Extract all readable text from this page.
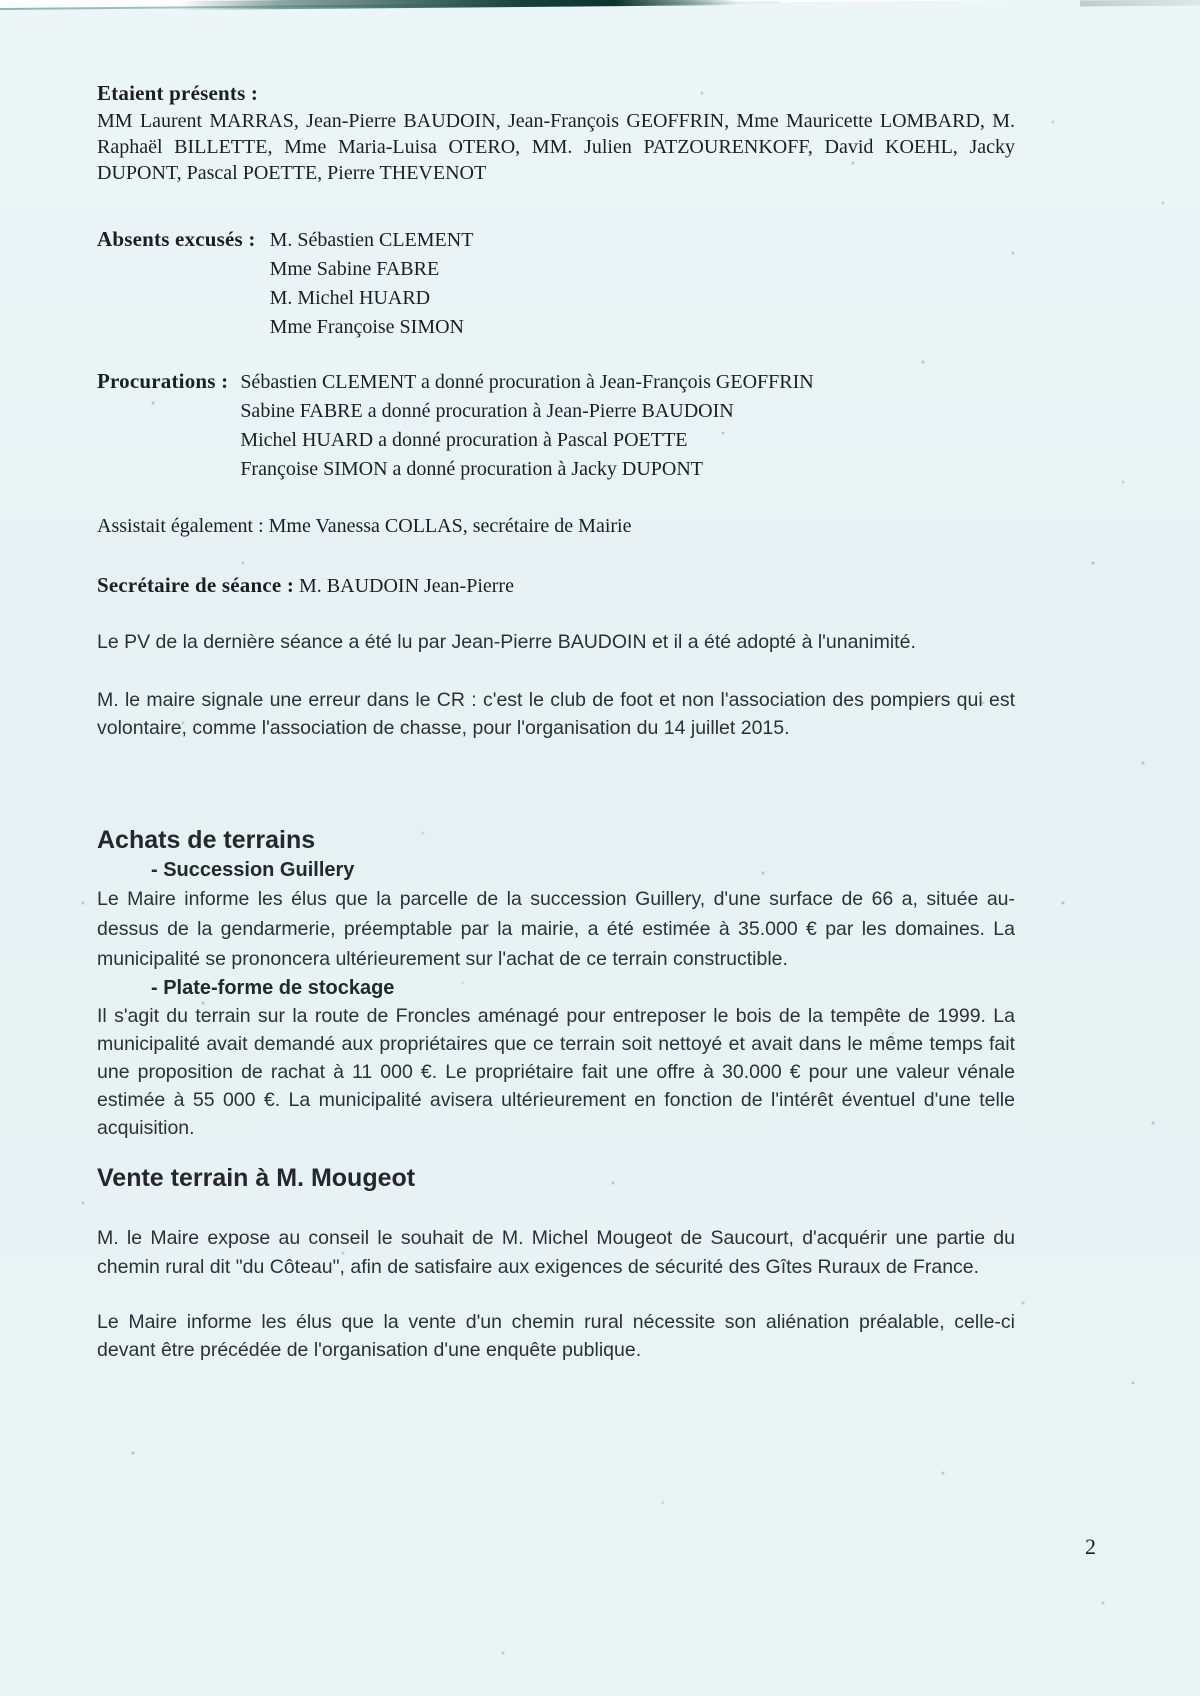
Etaient présents :
MM Laurent MARRAS, Jean-Pierre BAUDOIN, Jean-François GEOFFRIN, Mme Mauricette LOMBARD, M. Raphaël BILLETTE, Mme Maria-Luisa OTERO, MM. Julien PATZOURENKOFF, David KOEHL, Jacky DUPONT, Pascal POETTE, Pierre THEVENOT
Absents excusés : M. Sébastien CLEMENT
Mme Sabine FABRE
M. Michel HUARD
Mme Françoise SIMON
Procurations : Sébastien CLEMENT a donné procuration à Jean-François GEOFFRIN
Sabine FABRE a donné procuration à Jean-Pierre BAUDOIN
Michel HUARD a donné procuration à Pascal POETTE
Françoise SIMON a donné procuration à Jacky DUPONT
Assistait également : Mme Vanessa COLLAS, secrétaire de Mairie
Secrétaire de séance : M. BAUDOIN Jean-Pierre
Le PV de la dernière séance a été lu par Jean-Pierre BAUDOIN et il a été adopté à l'unanimité.
M. le maire signale une erreur dans le CR : c'est le club de foot et non l'association des pompiers qui est volontaire, comme l'association de chasse, pour l'organisation du 14 juillet 2015.
Achats de terrains
- Succession Guillery
Le Maire informe les élus que la parcelle de la succession Guillery, d'une surface de 66 a, située au-dessus de la gendarmerie, préemptable par la mairie, a été estimée à 35.000 € par les domaines. La municipalité se prononcera ultérieurement sur l'achat de ce terrain constructible.
- Plate-forme de stockage
Il s'agit du terrain sur la route de Froncles aménagé pour entreposer le bois de la tempête de 1999. La municipalité avait demandé aux propriétaires que ce terrain soit nettoyé et avait dans le même temps fait une proposition de rachat à 11 000 €. Le propriétaire fait une offre à 30.000 € pour une valeur vénale estimée à 55 000 €. La municipalité avisera ultérieurement en fonction de l'intérêt éventuel d'une telle acquisition.
Vente terrain à M. Mougeot
M. le Maire expose au conseil le souhait de M. Michel Mougeot de Saucourt, d'acquérir une partie du chemin rural dit "du Côteau", afin de satisfaire aux exigences de sécurité des Gîtes Ruraux de France.
Le Maire informe les élus que la vente d'un chemin rural nécessite son aliénation préalable, celle-ci devant être précédée de l'organisation d'une enquête publique.
2
